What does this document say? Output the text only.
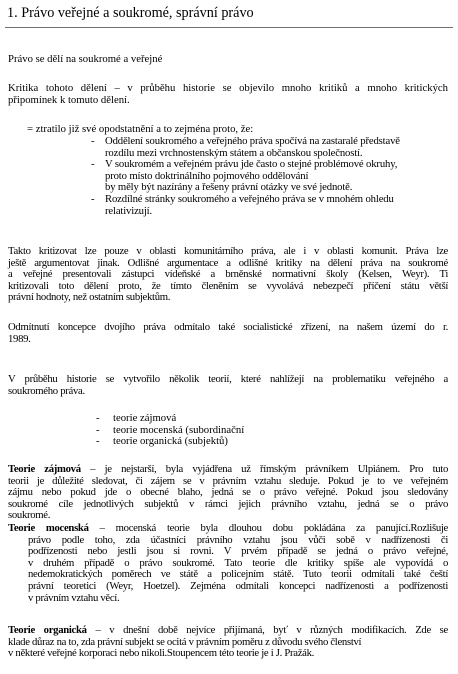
1. Právo veřejné a soukromé, správní právo
Právo se dělí na soukromé a veřejné
Kritika tohoto dělení – v průběhu historie se objevilo mnoho kritiků a mnoho kritických
připomínek k tomuto dělení.
= ztratilo již své opodstatnění a to zejména proto, že:
- Oddělení soukromého a veřejného práva spočívá na zastaralé představě
rozdílu mezi vrchnostenským státem a občanskou společností.
- V soukromém a veřejném právu jde často o stejné problémové okruhy,
proto místo doktrinálního pojmového oddělování
by měly být nazírány a řešeny právní otázky ve své jednotě.
- Rozdílné stránky soukromého a veřejného práva se v mnohém ohledu
relativizují.
Takto kritizovat lze pouze v oblasti komunitárního práva, ale i v oblasti komunit. Práva lze
ještě argumentovat jinak. Odlišné argumentace a odlišné kritiky na dělení práva na soukromé
a veřejné presentovali zástupci vídeňské a brněnské normativní školy (Kelsen, Weyr). Ti
kritizovali toto dělení proto, že tímto členěním se vyvolává nebezpečí příčení státu větší
právní hodnoty, než ostatním subjektům.
Odmítnutí koncepce dvojího práva odmítalo také socialistické zřízení, na našem území do r.
1989.
V průběhu historie se vytvořilo několik teorií, které nahlížejí na problematiku veřejného a
soukromého práva.
- teorie zájmová
- teorie mocenská (subordinační
- teorie organická (subjektů)
Teorie zájmová – je nejstarší, byla vyjádřena už římským právníkem Ulpiánem. Pro tuto
teorii je důležité sledovat, či zájem se v právním vztahu sleduje. Pokud je to ve veřejném
zájmu nebo pokud jde o obecné blaho, jedná se o právo veřejné. Pokud jsou sledovány
soukromé cíle jednotlivých subjektů v rámci jejich právního vztahu, jedná se o právo
soukromé.
Teorie mocenská – mocenská teorie byla dlouhou dobu pokládána za panující.Rozlišuje
právo podle toho, zda účastníci právního vztahu jsou vůči sobě v nadřízenosti či
podřízenosti nebo jestli jsou si rovni. V prvém případě se jedná o právo veřejné,
v druhém případě o právo soukromé. Tato teorie dle kritiky spíše ale vypovídá o
nedemokratických poměrech ve státě a policejním státě. Tuto teorii odmítali také čeští
právní teoretici (Weyr, Hoetzel). Zejména odmítali koncepci nadřízenosti a podřízenosti
v právním vztahu věcí.
Teorie organická – v dnešní době nejvíce přijímaná, byť v různých modifikacích. Zde se
klade důraz na to, zda právní subjekt se ocitá v právním poměru z důvodu svého členství
v některé veřejné korporaci nebo nikoli.Stoupencem této teorie je i J. Pražák.
